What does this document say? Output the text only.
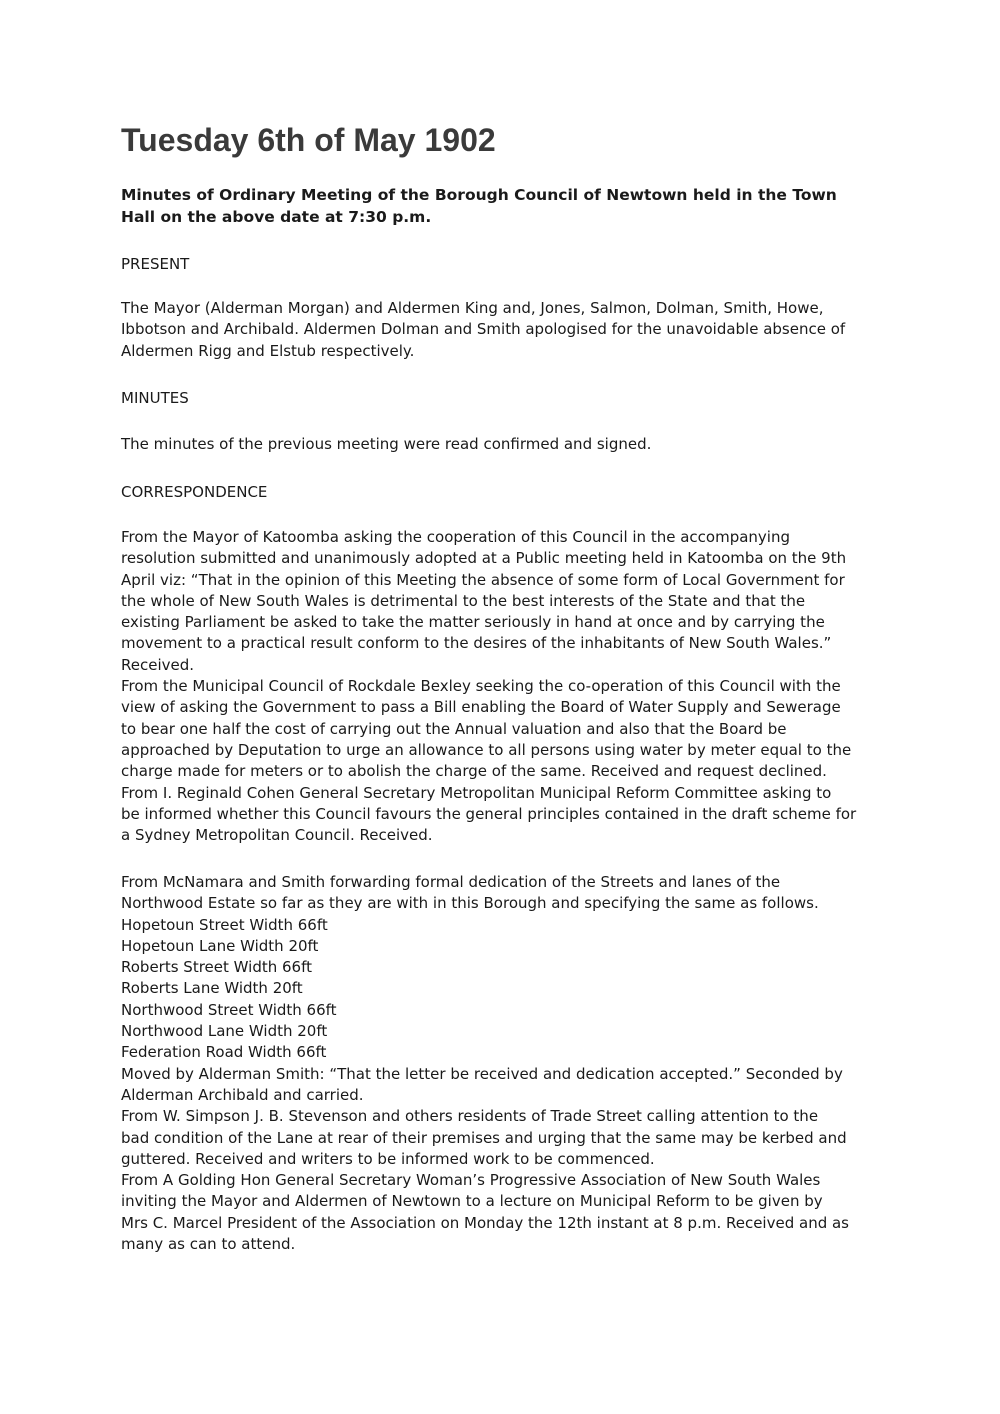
Tuesday 6th of May 1902
Minutes of Ordinary Meeting of the Borough Council of Newtown held in the Town
Hall on the above date at 7:30 p.m.
PRESENT
The Mayor (Alderman Morgan) and Aldermen King and, Jones, Salmon, Dolman, Smith, Howe,
Ibbotson and Archibald. Aldermen Dolman and Smith apologised for the unavoidable absence of
Aldermen Rigg and Elstub respectively.
MINUTES
The minutes of the previous meeting were read confirmed and signed.
CORRESPONDENCE
From the Mayor of Katoomba asking the cooperation of this Council in the accompanying
resolution submitted and unanimously adopted at a Public meeting held in Katoomba on the 9th
April viz: “That in the opinion of this Meeting the absence of some form of Local Government for
the whole of New South Wales is detrimental to the best interests of the State and that the
existing Parliament be asked to take the matter seriously in hand at once and by carrying the
movement to a practical result conform to the desires of the inhabitants of New South Wales.”
Received.
From the Municipal Council of Rockdale Bexley seeking the co-operation of this Council with the
view of asking the Government to pass a Bill enabling the Board of Water Supply and Sewerage
to bear one half the cost of carrying out the Annual valuation and also that the Board be
approached by Deputation to urge an allowance to all persons using water by meter equal to the
charge made for meters or to abolish the charge of the same. Received and request declined.
From I. Reginald Cohen General Secretary Metropolitan Municipal Reform Committee asking to
be informed whether this Council favours the general principles contained in the draft scheme for
a Sydney Metropolitan Council. Received.
From McNamara and Smith forwarding formal dedication of the Streets and lanes of the
Northwood Estate so far as they are with in this Borough and specifying the same as follows.
Hopetoun Street Width 66ft
Hopetoun Lane Width 20ft
Roberts Street Width 66ft
Roberts Lane Width 20ft
Northwood Street Width 66ft
Northwood Lane Width 20ft
Federation Road Width 66ft
Moved by Alderman Smith: “That the letter be received and dedication accepted.” Seconded by
Alderman Archibald and carried.
From W. Simpson J. B. Stevenson and others residents of Trade Street calling attention to the
bad condition of the Lane at rear of their premises and urging that the same may be kerbed and
guttered. Received and writers to be informed work to be commenced.
From A Golding Hon General Secretary Woman’s Progressive Association of New South Wales
inviting the Mayor and Aldermen of Newtown to a lecture on Municipal Reform to be given by
Mrs C. Marcel President of the Association on Monday the 12th instant at 8 p.m. Received and as
many as can to attend.
